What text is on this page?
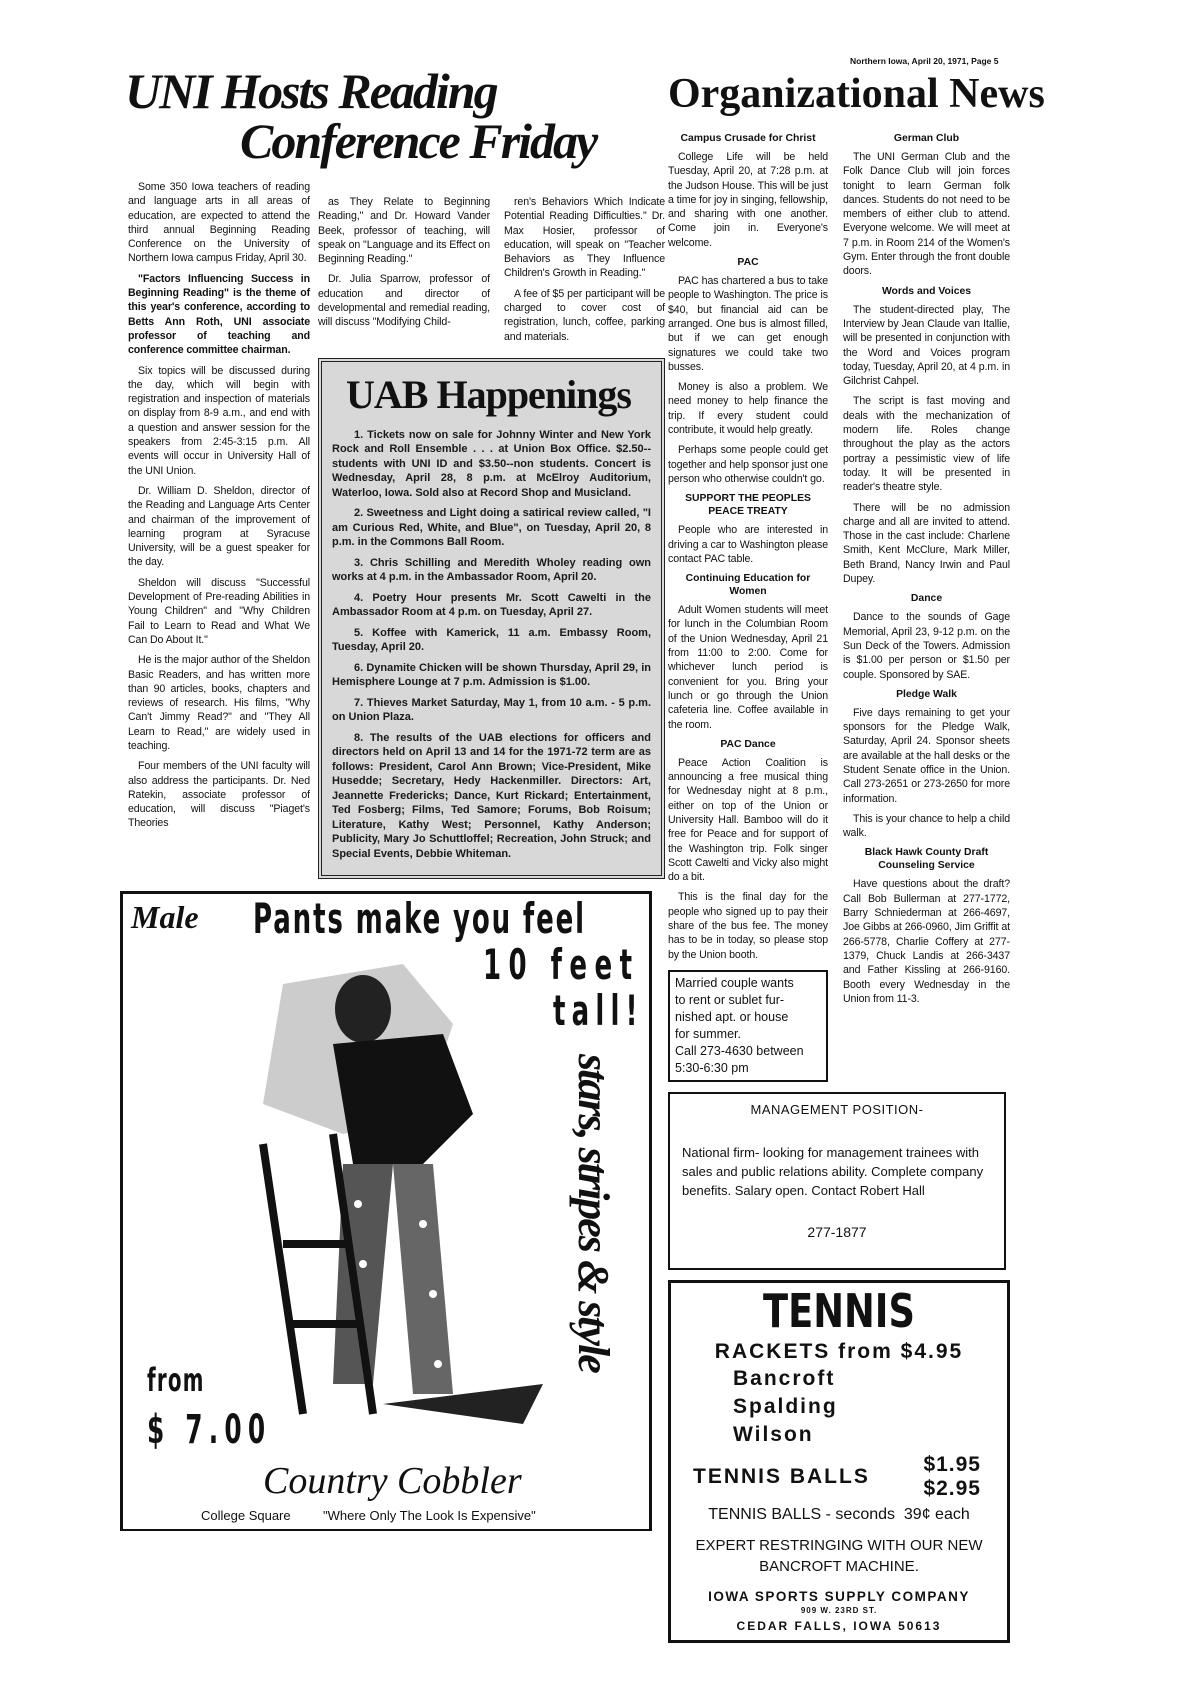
Northern Iowa, April 20, 1971, Page 5
UNI Hosts Reading
Conference Friday

Some 350 Iowa teachers of reading and language arts in all areas of education, are expected to attend the third annual Beginning Reading Conference on the University of Northern Iowa campus Friday, April 30.

"Factors Influencing Success in Beginning Reading" is the theme of this year's conference, according to Betts Ann Roth, UNI associate professor of teaching and conference committee chairman.

Six topics will be discussed during the day, which will begin with registration and inspection of materials on display from 8-9 a.m., and end with a question and answer session for the speakers from 2:45-3:15 p.m. All events will occur in University Hall of the UNI Union.

Dr. William D. Sheldon, director of the Reading and Language Arts Center and chairman of the improvement of learning program at Syracuse University, will be a guest speaker for the day.

Sheldon will discuss "Successful Development of Pre-reading Abilities in Young Children" and "Why Children Fail to Learn to Read and What We Can Do About It."

He is the major author of the Sheldon Basic Readers, and has written more than 90 articles, books, chapters and reviews of research. His films, "Why Can't Jimmy Read?" and "They All Learn to Read," are widely used in teaching.

Four members of the UNI faculty will also address the participants. Dr. Ned Ratekin, associate professor of education, will discuss "Piaget's Theories

as They Relate to Beginning Reading," and Dr. Howard Vander Beek, professor of teaching, will speak on "Language and its Effect on Beginning Reading."

Dr. Julia Sparrow, professor of education and director of developmental and remedial reading, will discuss "Modifying Child-

ren's Behaviors Which Indicate Potential Reading Difficulties." Dr. Max Hosier, professor of education, will speak on "Teacher Behaviors as They Influence Children's Growth in Reading."

A fee of $5 per participant will be charged to cover cost of registration, lunch, coffee, parking and materials.

UAB Happenings

1. Tickets now on sale for Johnny Winter and New York Rock and Roll Ensemble . . . at Union Box Office. $2.50--students with UNI ID and $3.50--non students. Concert is Wednesday, April 28, 8 p.m. at McElroy Auditorium, Waterloo, Iowa. Sold also at Record Shop and Musicland.

2. Sweetness and Light doing a satirical review called, "I am Curious Red, White, and Blue", on Tuesday, April 20, 8 p.m. in the Commons Ball Room.

3. Chris Schilling and Meredith Wholey reading own works at 4 p.m. in the Ambassador Room, April 20.

4. Poetry Hour presents Mr. Scott Cawelti in the Ambassador Room at 4 p.m. on Tuesday, April 27.

5. Koffee with Kamerick, 11 a.m. Embassy Room, Tuesday, April 20.

6. Dynamite Chicken will be shown Thursday, April 29, in Hemisphere Lounge at 7 p.m. Admission is $1.00.

7. Thieves Market Saturday, May 1, from 10 a.m. - 5 p.m. on Union Plaza.

8. The results of the UAB elections for officers and directors held on April 13 and 14 for the 1971-72 term are as follows: President, Carol Ann Brown; Vice-President, Mike Husedde; Secretary, Hedy Hackenmiller. Directors: Art, Jeannette Fredericks; Dance, Kurt Rickard; Entertainment, Ted Fosberg; Films, Ted Samore; Forums, Bob Roisum; Literature, Kathy West; Personnel, Kathy Anderson; Publicity, Mary Jo Schuttloffel; Recreation, John Struck; and Special Events, Debbie Whiteman.

Male Pants make you feel
10 feet
tall!
stars, stripes & style
from
$ 7.00
Country Cobbler
College Square "Where Only The Look Is Expensive"
Organizational News
Campus Crusade for Christ

College Life will be held Tuesday, April 20, at 7:28 p.m. at the Judson House. This will be just a time for joy in singing, fellowship, and sharing with one another. Come join in. Everyone's welcome.

PAC

PAC has chartered a bus to take people to Washington. The price is $40, but financial aid can be arranged. One bus is almost filled, but if we can get enough signatures we could take two busses.

Money is also a problem. We need money to help finance the trip. If every student could contribute, it would help greatly.

Perhaps some people could get together and help sponsor just one person who otherwise couldn't go.

SUPPORT THE PEOPLES PEACE TREATY

People who are interested in driving a car to Washington please contact PAC table.

Continuing Education for Women

Adult Women students will meet for lunch in the Columbian Room of the Union Wednesday, April 21 from 11:00 to 2:00. Come for whichever lunch period is convenient for you. Bring your lunch or go through the Union cafeteria line. Coffee available in the room.

PAC Dance

Peace Action Coalition is announcing a free musical thing for Wednesday night at 8 p.m., either on top of the Union or University Hall. Bamboo will do it free for Peace and for support of the Washington trip. Folk singer Scott Cawelti and Vicky also might do a bit.

This is the final day for the people who signed up to pay their share of the bus fee. The money has to be in today, so please stop by the Union booth.

Married couple wants
to rent or sublet fur-
nished apt. or house
for summer.
Call 273-4630 between
5:30-6:30 pm
German Club

The UNI German Club and the Folk Dance Club will join forces tonight to learn German folk dances. Students do not need to be members of either club to attend. Everyone welcome. We will meet at 7 p.m. in Room 214 of the Women's Gym. Enter through the front double doors.

Words and Voices

The student-directed play, The Interview by Jean Claude van Itallie, will be presented in conjunction with the Word and Voices program today, Tuesday, April 20, at 4 p.m. in Gilchrist Cahpel.

The script is fast moving and deals with the mechanization of modern life. Roles change throughout the play as the actors portray a pessimistic view of life today. It will be presented in reader's theatre style.

There will be no admission charge and all are invited to attend. Those in the cast include: Charlene Smith, Kent McClure, Mark Miller, Beth Brand, Nancy Irwin and Paul Dupey.

Dance

Dance to the sounds of Gage Memorial, April 23, 9-12 p.m. on the Sun Deck of the Towers. Admission is $1.00 per person or $1.50 per couple. Sponsored by SAE.

Pledge Walk

Five days remaining to get your sponsors for the Pledge Walk, Saturday, April 24. Sponsor sheets are available at the hall desks or the Student Senate office in the Union. Call 273-2651 or 273-2650 for more information.

This is your chance to help a child walk.

Black Hawk County Draft Counseling Service

Have questions about the draft? Call Bob Bullerman at 277-1772, Barry Schniederman at 266-4697, Joe Gibbs at 266-0960, Jim Griffit at 266-5778, Charlie Coffery at 277-1379, Chuck Landis at 266-3437 and Father Kissling at 266-9160. Booth every Wednesday in the Union from 11-3.

MANAGEMENT POSITION-
National firm- looking for management trainees with sales and public relations ability. Complete company benefits. Salary open. Contact Robert Hall
277-1877
TENNIS
RACKETS from $4.95
Bancroft
Spalding
Wilson
TENNIS BALLS
$1.95
$2.95
TENNIS BALLS - seconds  39¢ each
EXPERT RESTRINGING WITH OUR NEW
BANCROFT MACHINE.
IOWA SPORTS SUPPLY COMPANY
909 W. 23RD ST.
CEDAR FALLS, IOWA 50613
